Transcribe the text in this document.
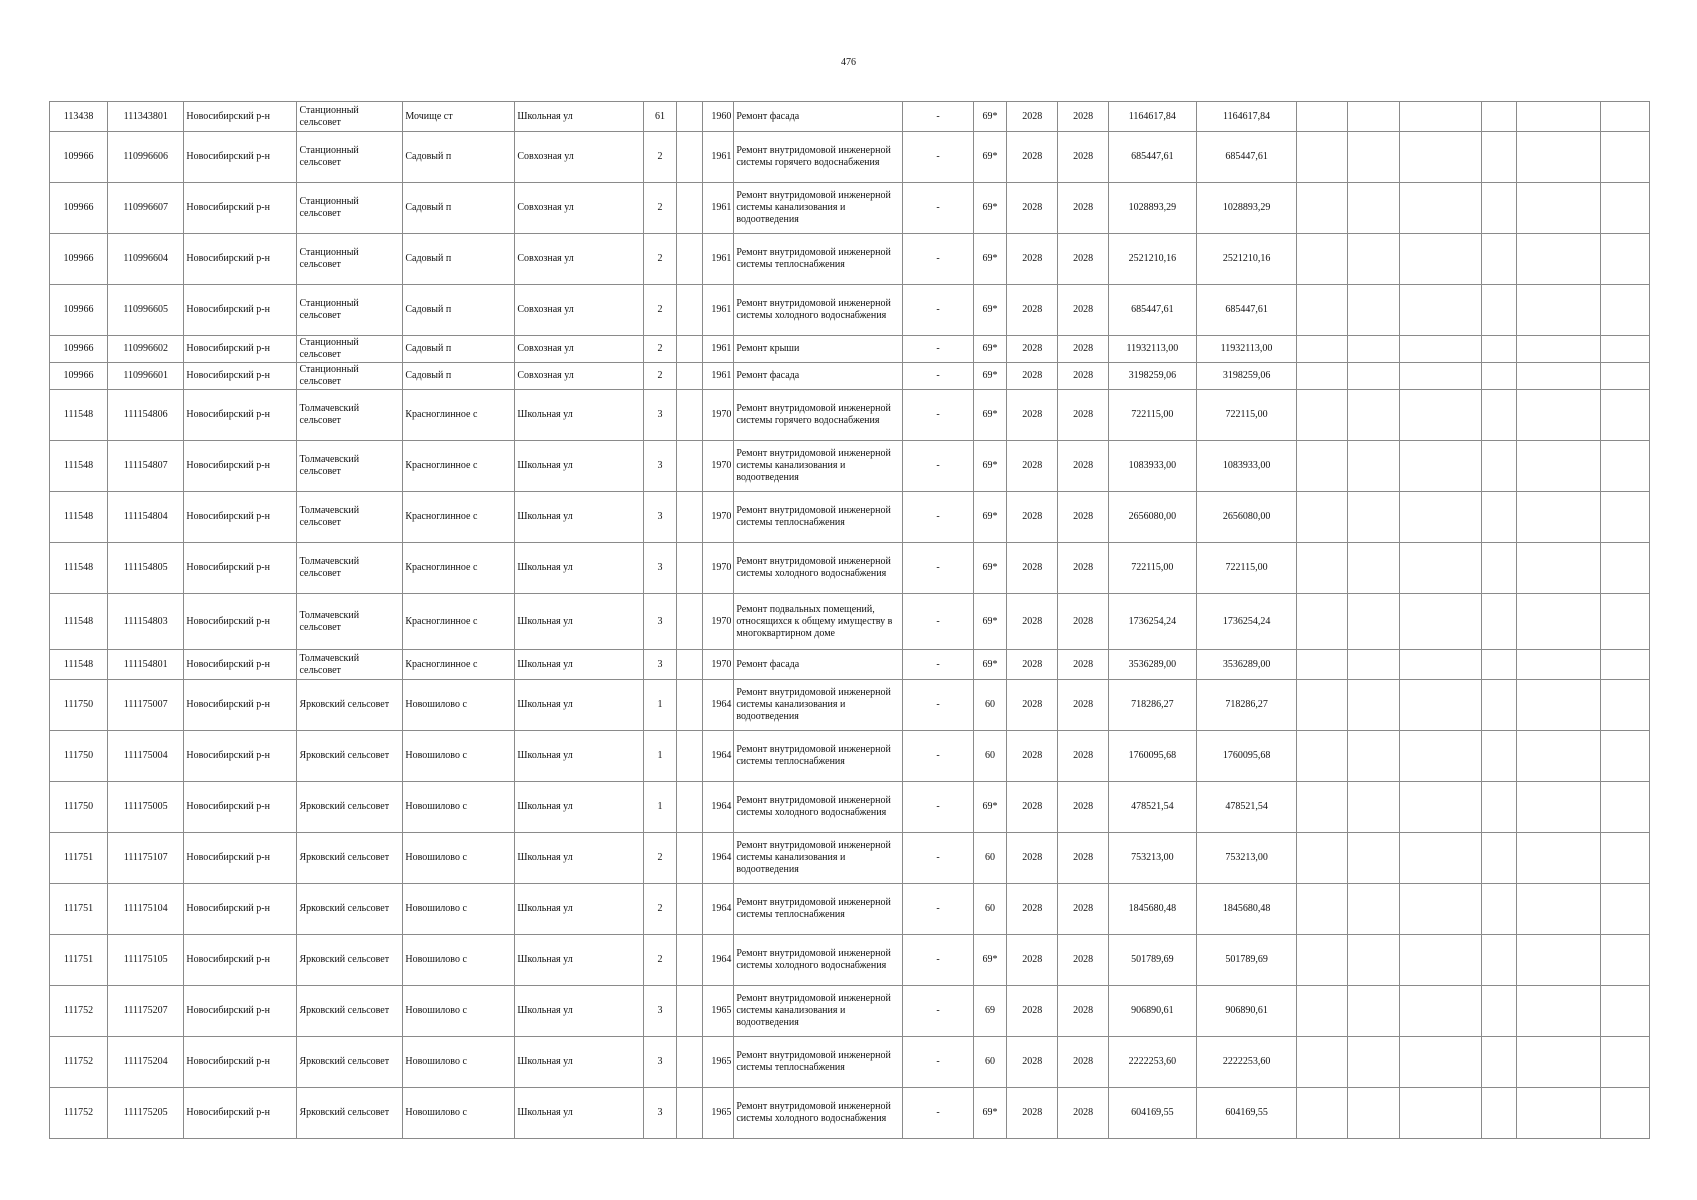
476
113438	111343801	Новосибирский р-н	Станционный сельсовет	Мочище ст	Школьная ул	61		1960	Ремонт фасада	-	69*	2028	2028	1164617,84	1164617,84						
109966	110996606	Новосибирский р-н	Станционный сельсовет	Садовый п	Совхозная ул	2		1961	Ремонт внутридомовой инженерной системы горячего водоснабжения	-	69*	2028	2028	685447,61	685447,61						
109966	110996607	Новосибирский р-н	Станционный сельсовет	Садовый п	Совхозная ул	2		1961	Ремонт внутридомовой инженерной системы канализования и водоотведения	-	69*	2028	2028	1028893,29	1028893,29						
109966	110996604	Новосибирский р-н	Станционный сельсовет	Садовый п	Совхозная ул	2		1961	Ремонт внутридомовой инженерной системы теплоснабжения	-	69*	2028	2028	2521210,16	2521210,16						
109966	110996605	Новосибирский р-н	Станционный сельсовет	Садовый п	Совхозная ул	2		1961	Ремонт внутридомовой инженерной системы холодного водоснабжения	-	69*	2028	2028	685447,61	685447,61						
109966	110996602	Новосибирский р-н	Станционный сельсовет	Садовый п	Совхозная ул	2		1961	Ремонт крыши	-	69*	2028	2028	11932113,00	11932113,00						
109966	110996601	Новосибирский р-н	Станционный сельсовет	Садовый п	Совхозная ул	2		1961	Ремонт фасада	-	69*	2028	2028	3198259,06	3198259,06						
111548	111154806	Новосибирский р-н	Толмачевский сельсовет	Красноглинное с	Школьная ул	3		1970	Ремонт внутридомовой инженерной системы горячего водоснабжения	-	69*	2028	2028	722115,00	722115,00						
111548	111154807	Новосибирский р-н	Толмачевский сельсовет	Красноглинное с	Школьная ул	3		1970	Ремонт внутридомовой инженерной системы канализования и водоотведения	-	69*	2028	2028	1083933,00	1083933,00						
111548	111154804	Новосибирский р-н	Толмачевский сельсовет	Красноглинное с	Школьная ул	3		1970	Ремонт внутридомовой инженерной системы теплоснабжения	-	69*	2028	2028	2656080,00	2656080,00						
111548	111154805	Новосибирский р-н	Толмачевский сельсовет	Красноглинное с	Школьная ул	3		1970	Ремонт внутридомовой инженерной системы холодного водоснабжения	-	69*	2028	2028	722115,00	722115,00						
111548	111154803	Новосибирский р-н	Толмачевский сельсовет	Красноглинное с	Школьная ул	3		1970	Ремонт подвальных помещений, относящихся к общему имуществу в многоквартирном доме	-	69*	2028	2028	1736254,24	1736254,24						
111548	111154801	Новосибирский р-н	Толмачевский сельсовет	Красноглинное с	Школьная ул	3		1970	Ремонт фасада	-	69*	2028	2028	3536289,00	3536289,00						
111750	111175007	Новосибирский р-н	Ярковский сельсовет	Новошилово с	Школьная ул	1		1964	Ремонт внутридомовой инженерной системы канализования и водоотведения	-	60	2028	2028	718286,27	718286,27						
111750	111175004	Новосибирский р-н	Ярковский сельсовет	Новошилово с	Школьная ул	1		1964	Ремонт внутридомовой инженерной системы теплоснабжения	-	60	2028	2028	1760095,68	1760095,68						
111750	111175005	Новосибирский р-н	Ярковский сельсовет	Новошилово с	Школьная ул	1		1964	Ремонт внутридомовой инженерной системы холодного водоснабжения	-	69*	2028	2028	478521,54	478521,54						
111751	111175107	Новосибирский р-н	Ярковский сельсовет	Новошилово с	Школьная ул	2		1964	Ремонт внутридомовой инженерной системы канализования и водоотведения	-	60	2028	2028	753213,00	753213,00						
111751	111175104	Новосибирский р-н	Ярковский сельсовет	Новошилово с	Школьная ул	2		1964	Ремонт внутридомовой инженерной системы теплоснабжения	-	60	2028	2028	1845680,48	1845680,48						
111751	111175105	Новосибирский р-н	Ярковский сельсовет	Новошилово с	Школьная ул	2		1964	Ремонт внутридомовой инженерной системы холодного водоснабжения	-	69*	2028	2028	501789,69	501789,69						
111752	111175207	Новосибирский р-н	Ярковский сельсовет	Новошилово с	Школьная ул	3		1965	Ремонт внутридомовой инженерной системы канализования и водоотведения	-	69	2028	2028	906890,61	906890,61						
111752	111175204	Новосибирский р-н	Ярковский сельсовет	Новошилово с	Школьная ул	3		1965	Ремонт внутридомовой инженерной системы теплоснабжения	-	60	2028	2028	2222253,60	2222253,60						
111752	111175205	Новосибирский р-н	Ярковский сельсовет	Новошилово с	Школьная ул	3		1965	Ремонт внутридомовой инженерной системы холодного водоснабжения	-	69*	2028	2028	604169,55	604169,55						
